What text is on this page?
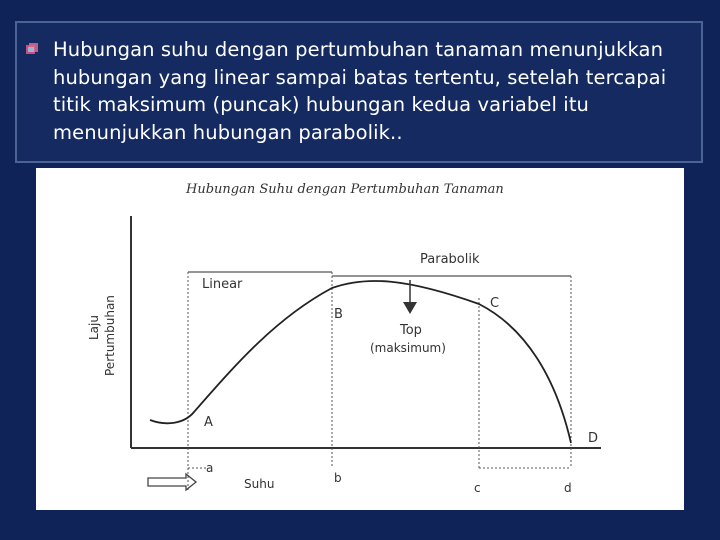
Hubungan suhu dengan pertumbuhan tanaman menunjukkan hubungan yang linear sampai batas tertentu, setelah tercapai titik maksimum (puncak) hubungan kedua variabel itu menunjukkan hubungan parabolik..
Hubungan Suhu dengan Pertumbuhan Tanaman
Laju Pertumbuhan
Suhu
Linear
Parabolik
Top
(maksimum)
A
B
C
D
a
b
c	d
